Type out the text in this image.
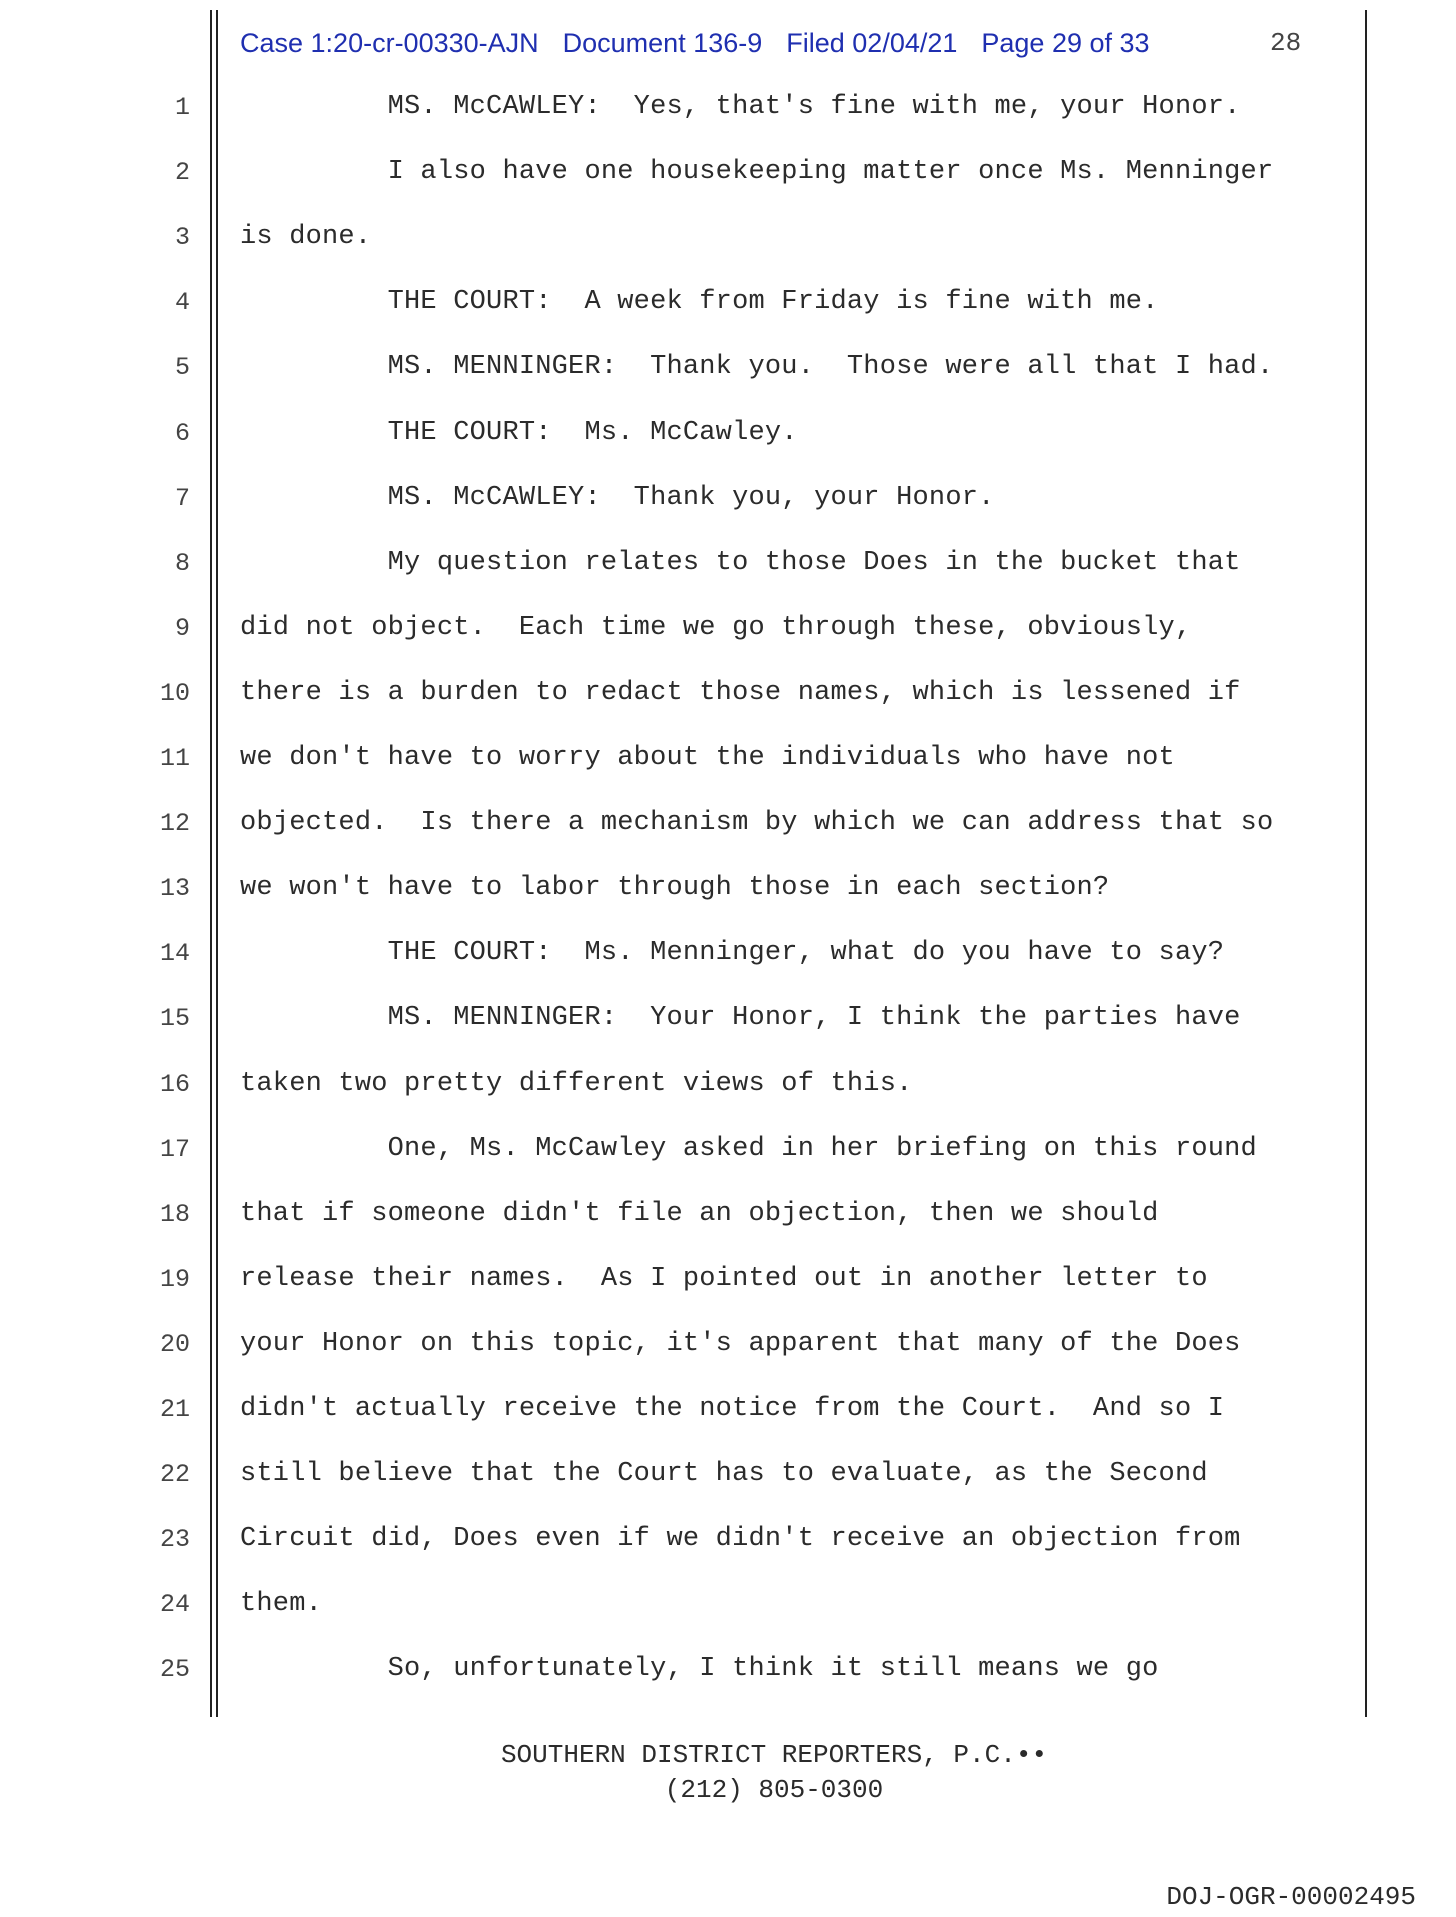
Case 1:20-cr-00330-AJN Document 136-9 Filed 02/04/21 Page 29 of 33	28
1 MS. McCAWLEY:  Yes, that's fine with me, your Honor.
2 I also have one housekeeping matter once Ms. Menninger
3 is done.
4 THE COURT:  A week from Friday is fine with me.
5 MS. MENNINGER:  Thank you.  Those were all that I had.
6 THE COURT:  Ms. McCawley.
7 MS. McCAWLEY:  Thank you, your Honor.
8 My question relates to those Does in the bucket that
9 did not object.  Each time we go through these, obviously,
10 there is a burden to redact those names, which is lessened if
11 we don't have to worry about the individuals who have not
12 objected.  Is there a mechanism by which we can address that so
13 we won't have to labor through those in each section?
14 THE COURT:  Ms. Menninger, what do you have to say?
15 MS. MENNINGER:  Your Honor, I think the parties have
16 taken two pretty different views of this.
17 One, Ms. McCawley asked in her briefing on this round
18 that if someone didn't file an objection, then we should
19 release their names.  As I pointed out in another letter to
20 your Honor on this topic, it's apparent that many of the Does
21 didn't actually receive the notice from the Court.  And so I
22 still believe that the Court has to evaluate, as the Second
23 Circuit did, Does even if we didn't receive an objection from
24 them.
25 So, unfortunately, I think it still means we go
SOUTHERN DISTRICT REPORTERS, P.C.••
(212) 805-0300
DOJ-OGR-00002495
